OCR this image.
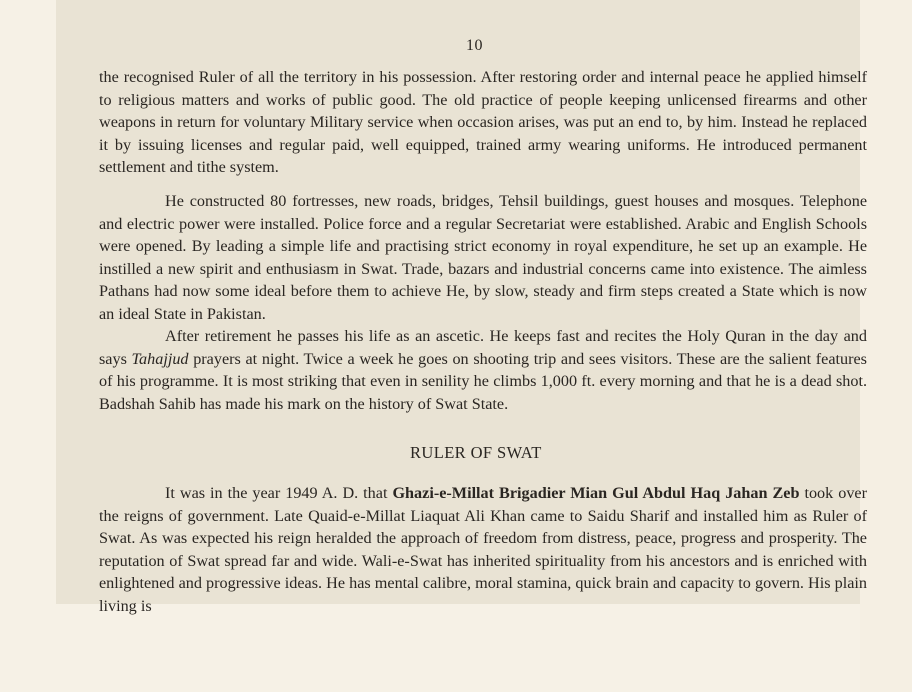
10

the recognised Ruler of all the territory in his possession. After restoring order and internal peace he applied himself to religious matters and works of public good. The old practice of people keeping unlicensed firearms and other weapons in return for voluntary Military service when occasion arises, was put an end to, by him. Instead he replaced it by issuing licenses and regular paid, well equipped, trained army wearing uniforms. He introduced permanent settlement and tithe system.

He constructed 80 fortresses, new roads, bridges, Tehsil buildings, guest houses and mosques. Telephone and electric power were installed. Police force and a regular Secretariat were established. Arabic and English Schools were opened. By leading a simple life and practising strict economy in royal expenditure, he set up an example. He instilled a new spirit and enthusiasm in Swat. Trade, bazars and industrial concerns came into existence. The aimless Pathans had now some ideal before them to achieve He, by slow, steady and firm steps created a State which is now an ideal State in Pakistan.

After retirement he passes his life as an ascetic. He keeps fast and recites the Holy Quran in the day and says Tahajjud prayers at night. Twice a week he goes on shooting trip and sees visitors. These are the salient features of his programme. It is most striking that even in senility he climbs 1,000 ft. every morning and that he is a dead shot. Badshah Sahib has made his mark on the history of Swat State.

RULER OF SWAT

It was in the year 1949 A. D. that Ghazi-e-Millat Brigadier Mian Gul Abdul Haq Jahan Zeb took over the reigns of government. Late Quaid-e-Millat Liaquat Ali Khan came to Saidu Sharif and installed him as Ruler of Swat. As was expected his reign heralded the approach of freedom from distress, peace, progress and prosperity. The reputation of Swat spread far and wide. Wali-e-Swat has inherited spirituality from his ancestors and is enriched with enlightened and progressive ideas. He has mental calibre, moral stamina, quick brain and capacity to govern. His plain living is
